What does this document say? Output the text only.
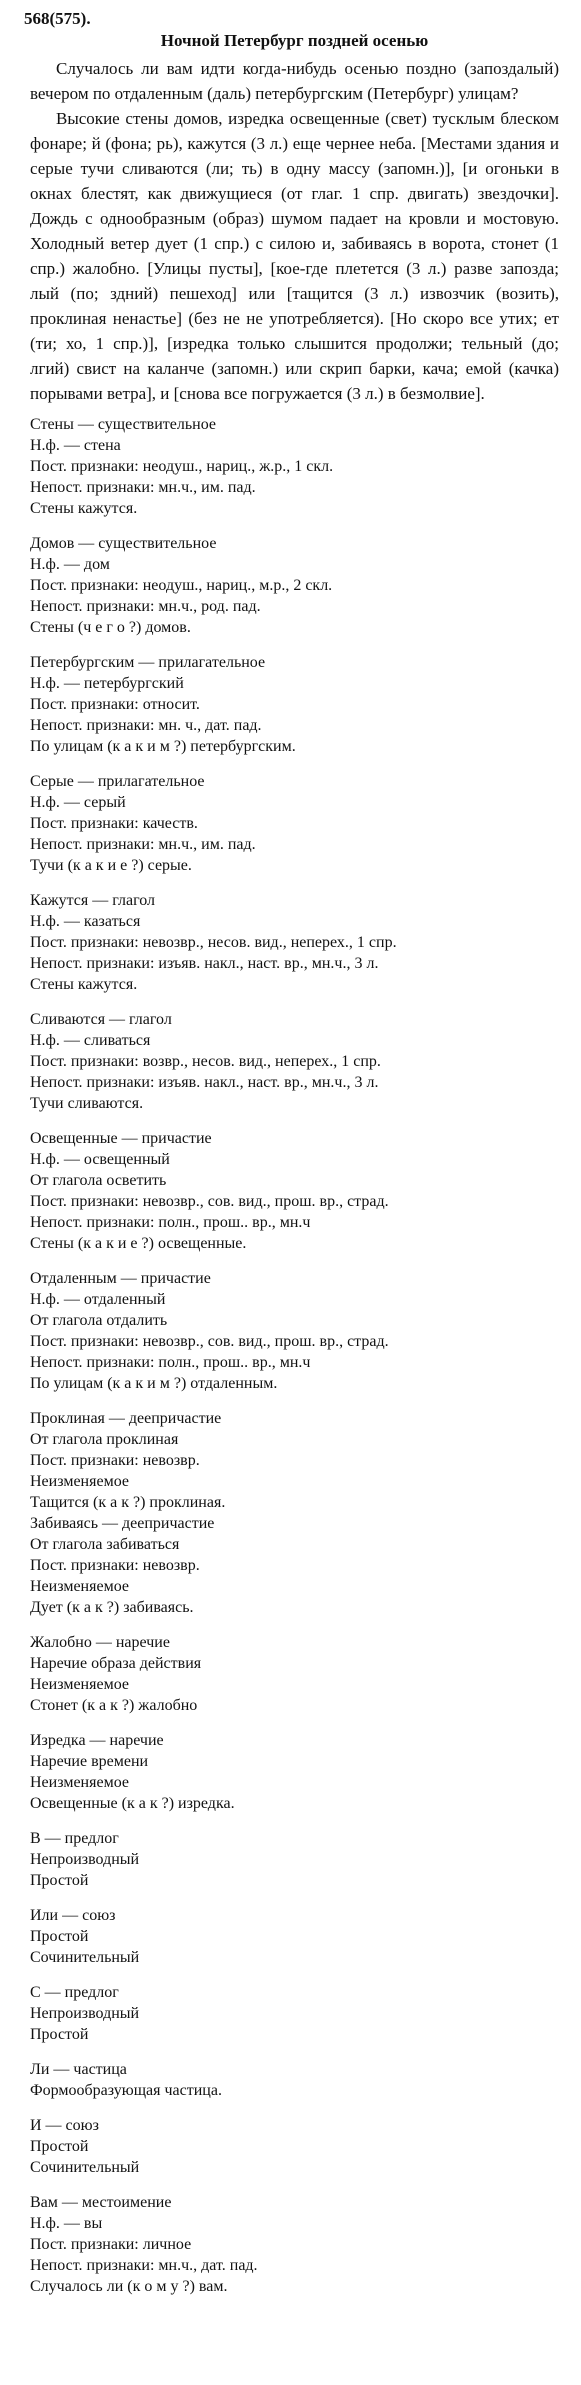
568(575).
Ночной Петербург поздней осенью

Случалось ли вам идти когда-нибудь осенью поздно (запоздалый) вечером по отдаленным (даль) петербургским (Петербург) улицам?

Высокие стены домов, изредка освещенные (свет) тусклым блеском фонаре; й (фона; рь), кажутся (3 л.) еще чернее неба. [Местами здания и серые тучи сливаются (ли; ть) в одну массу (запомн.)], [и огоньки в окнах блестят, как движущиеся (от глаг. 1 спр. двигать) звездочки]. Дождь с однообразным (образ) шумом падает на кровли и мостовую. Холодный ветер дует (1 спр.) с силою и, забиваясь в ворота, стонет (1 спр.) жалобно. [Улицы пусты], [кое-где плетется (3 л.) разве запозда; лый (по; здний) пешеход] или [тащится (3 л.) извозчик (возить), проклиная ненастье] (без не не употребляется). [Но скоро все утих; ет (ти; хо, 1 спр.)], [изредка только слышится продолжи; тельный (до; лгий) свист на каланче (запомн.) или скрип барки, кача; емой (качка) порывами ветра], и [снова все погружается (3 л.) в безмолвие].

Стены — существительное
Н.ф. — стена
Пост. признаки: неодуш., нариц., ж.р., 1 скл.
Непост. признаки: мн.ч., им. пад.
Стены кажутся.
Домов — существительное
Н.ф. — дом
Пост. признаки: неодуш., нариц., м.р., 2 скл.
Непост. признаки: мн.ч., род. пад.
Стены (ч е г о ?) домов.
Петербургским — прилагательное
Н.ф. — петербургский
Пост. признаки: относит.
Непост. признаки: мн. ч., дат. пад.
По улицам (к а к и м ?) петербургским.
Серые — прилагательное
Н.ф. — серый
Пост. признаки: качеств.
Непост. признаки: мн.ч., им. пад.
Тучи (к а к и е ?) серые.
Кажутся — глагол
Н.ф. — казаться
Пост. признаки: невозвр., несов. вид., неперех., 1 спр.
Непост. признаки: изъяв. накл., наст. вр., мн.ч., 3 л.
Стены кажутся.
Сливаются — глагол
Н.ф. — сливаться
Пост. признаки: возвр., несов. вид., неперех., 1 спр.
Непост. признаки: изъяв. накл., наст. вр., мн.ч., 3 л.
Тучи сливаются.
Освещенные — причастие
Н.ф. — освещенный
От глагола осветить
Пост. признаки: невозвр., сов. вид., прош. вр., страд.
Непост. признаки: полн., прош.. вр., мн.ч
Стены (к а к и е ?) освещенные.
Отдаленным — причастие
Н.ф. — отдаленный
От глагола отдалить
Пост. признаки: невозвр., сов. вид., прош. вр., страд.
Непост. признаки: полн., прош.. вр., мн.ч
По улицам (к а к и м ?) отдаленным.
Проклиная — деепричастие
От глагола проклиная
Пост. признаки: невозвр.
Неизменяемое
Тащится (к а к ?) проклиная.
Забиваясь — деепричастие
От глагола забиваться
Пост. признаки: невозвр.
Неизменяемое
Дует (к а к ?) забиваясь.
Жалобно — наречие
Наречие образа действия
Неизменяемое
Стонет (к а к ?) жалобно
Изредка — наречие
Наречие времени
Неизменяемое
Освещенные (к а к ?) изредка.
В — предлог
Непроизводный
Простой
Или — союз
Простой
Сочинительный
С — предлог
Непроизводный
Простой
Ли — частица
Формообразующая частица.
И — союз
Простой
Сочинительный
Вам — местоимение
Н.ф. — вы
Пост. признаки: личное
Непост. признаки: мн.ч., дат. пад.
Случалось ли (к о м у ?) вам.
